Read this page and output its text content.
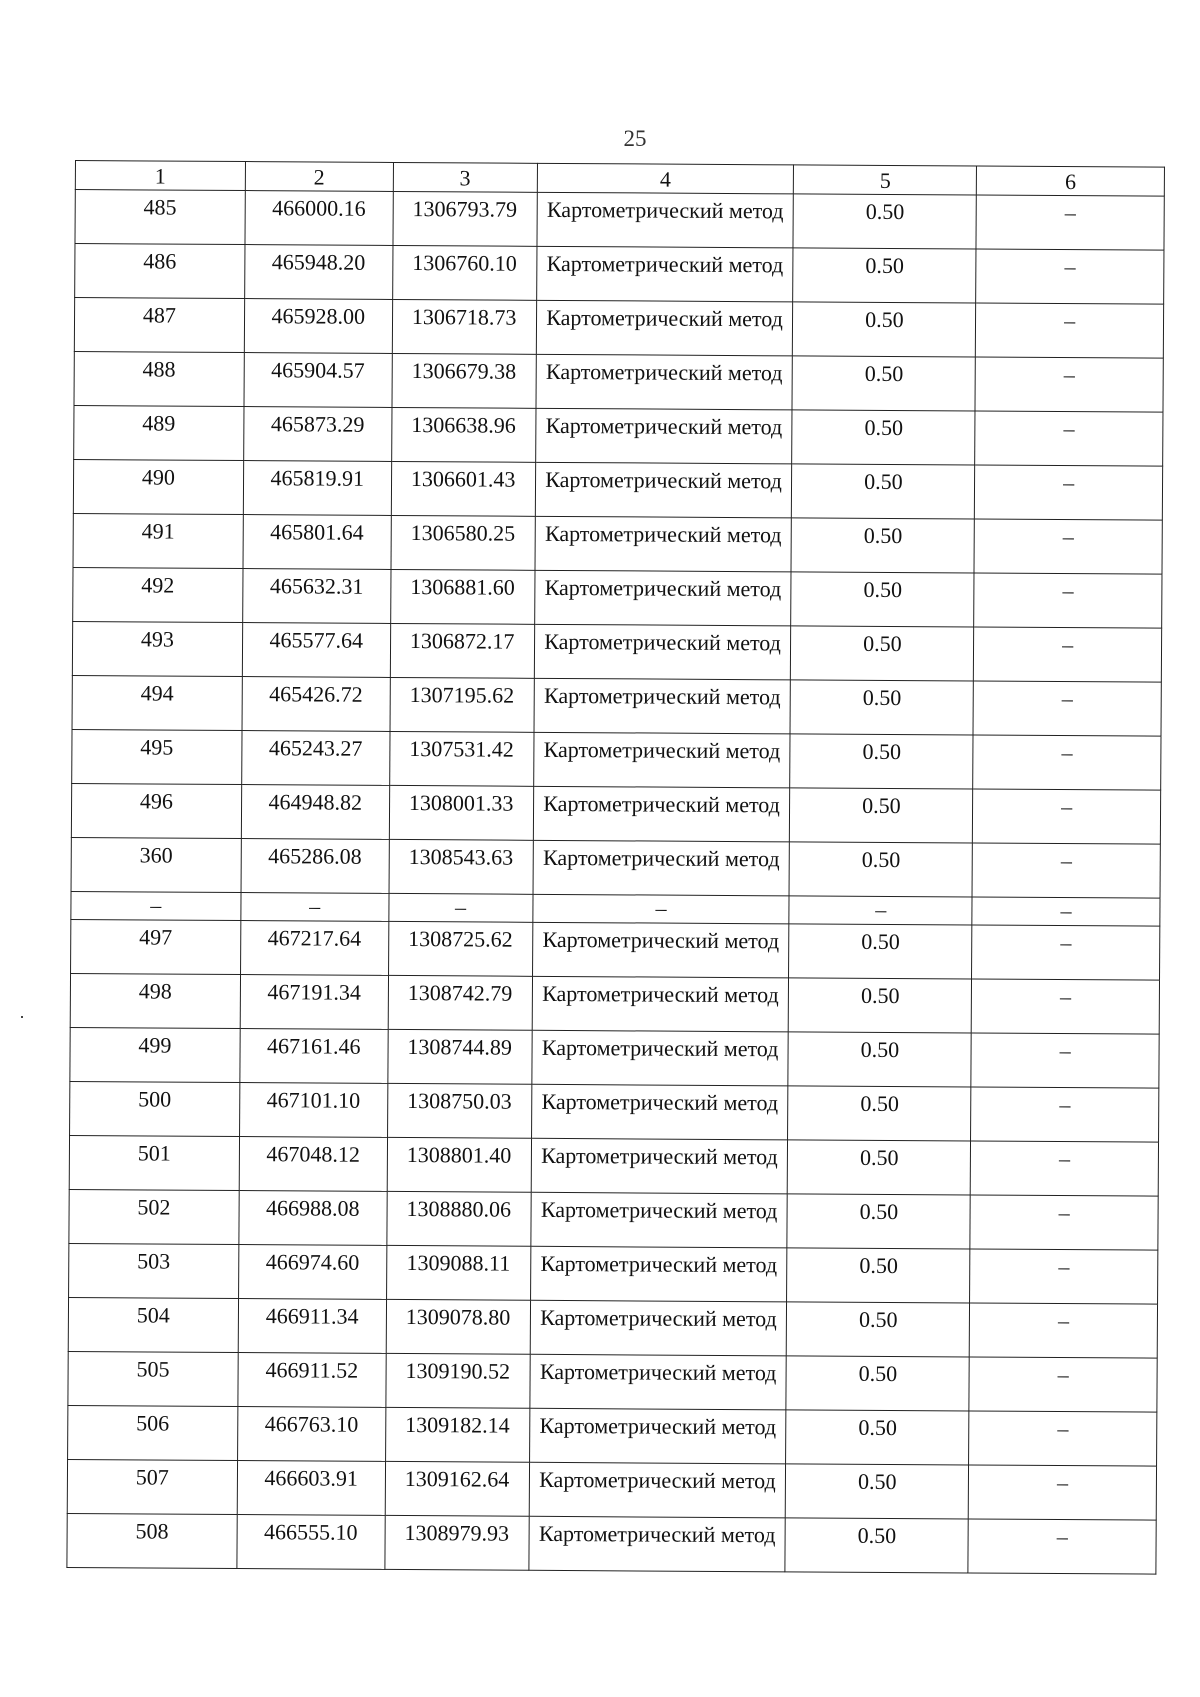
25
1	2	3	4	5	6
485	466000.16	1306793.79	Картометрический метод	0.50	–
486	465948.20	1306760.10	Картометрический метод	0.50	–
487	465928.00	1306718.73	Картометрический метод	0.50	–
488	465904.57	1306679.38	Картометрический метод	0.50	–
489	465873.29	1306638.96	Картометрический метод	0.50	–
490	465819.91	1306601.43	Картометрический метод	0.50	–
491	465801.64	1306580.25	Картометрический метод	0.50	–
492	465632.31	1306881.60	Картометрический метод	0.50	–
493	465577.64	1306872.17	Картометрический метод	0.50	–
494	465426.72	1307195.62	Картометрический метод	0.50	–
495	465243.27	1307531.42	Картометрический метод	0.50	–
496	464948.82	1308001.33	Картометрический метод	0.50	–
360	465286.08	1308543.63	Картометрический метод	0.50	–
–	–	–	–	–	–
497	467217.64	1308725.62	Картометрический метод	0.50	–
498	467191.34	1308742.79	Картометрический метод	0.50	–
499	467161.46	1308744.89	Картометрический метод	0.50	–
500	467101.10	1308750.03	Картометрический метод	0.50	–
501	467048.12	1308801.40	Картометрический метод	0.50	–
502	466988.08	1308880.06	Картометрический метод	0.50	–
503	466974.60	1309088.11	Картометрический метод	0.50	–
504	466911.34	1309078.80	Картометрический метод	0.50	–
505	466911.52	1309190.52	Картометрический метод	0.50	–
506	466763.10	1309182.14	Картометрический метод	0.50	–
507	466603.91	1309162.64	Картометрический метод	0.50	–
508	466555.10	1308979.93	Картометрический метод	0.50	–
